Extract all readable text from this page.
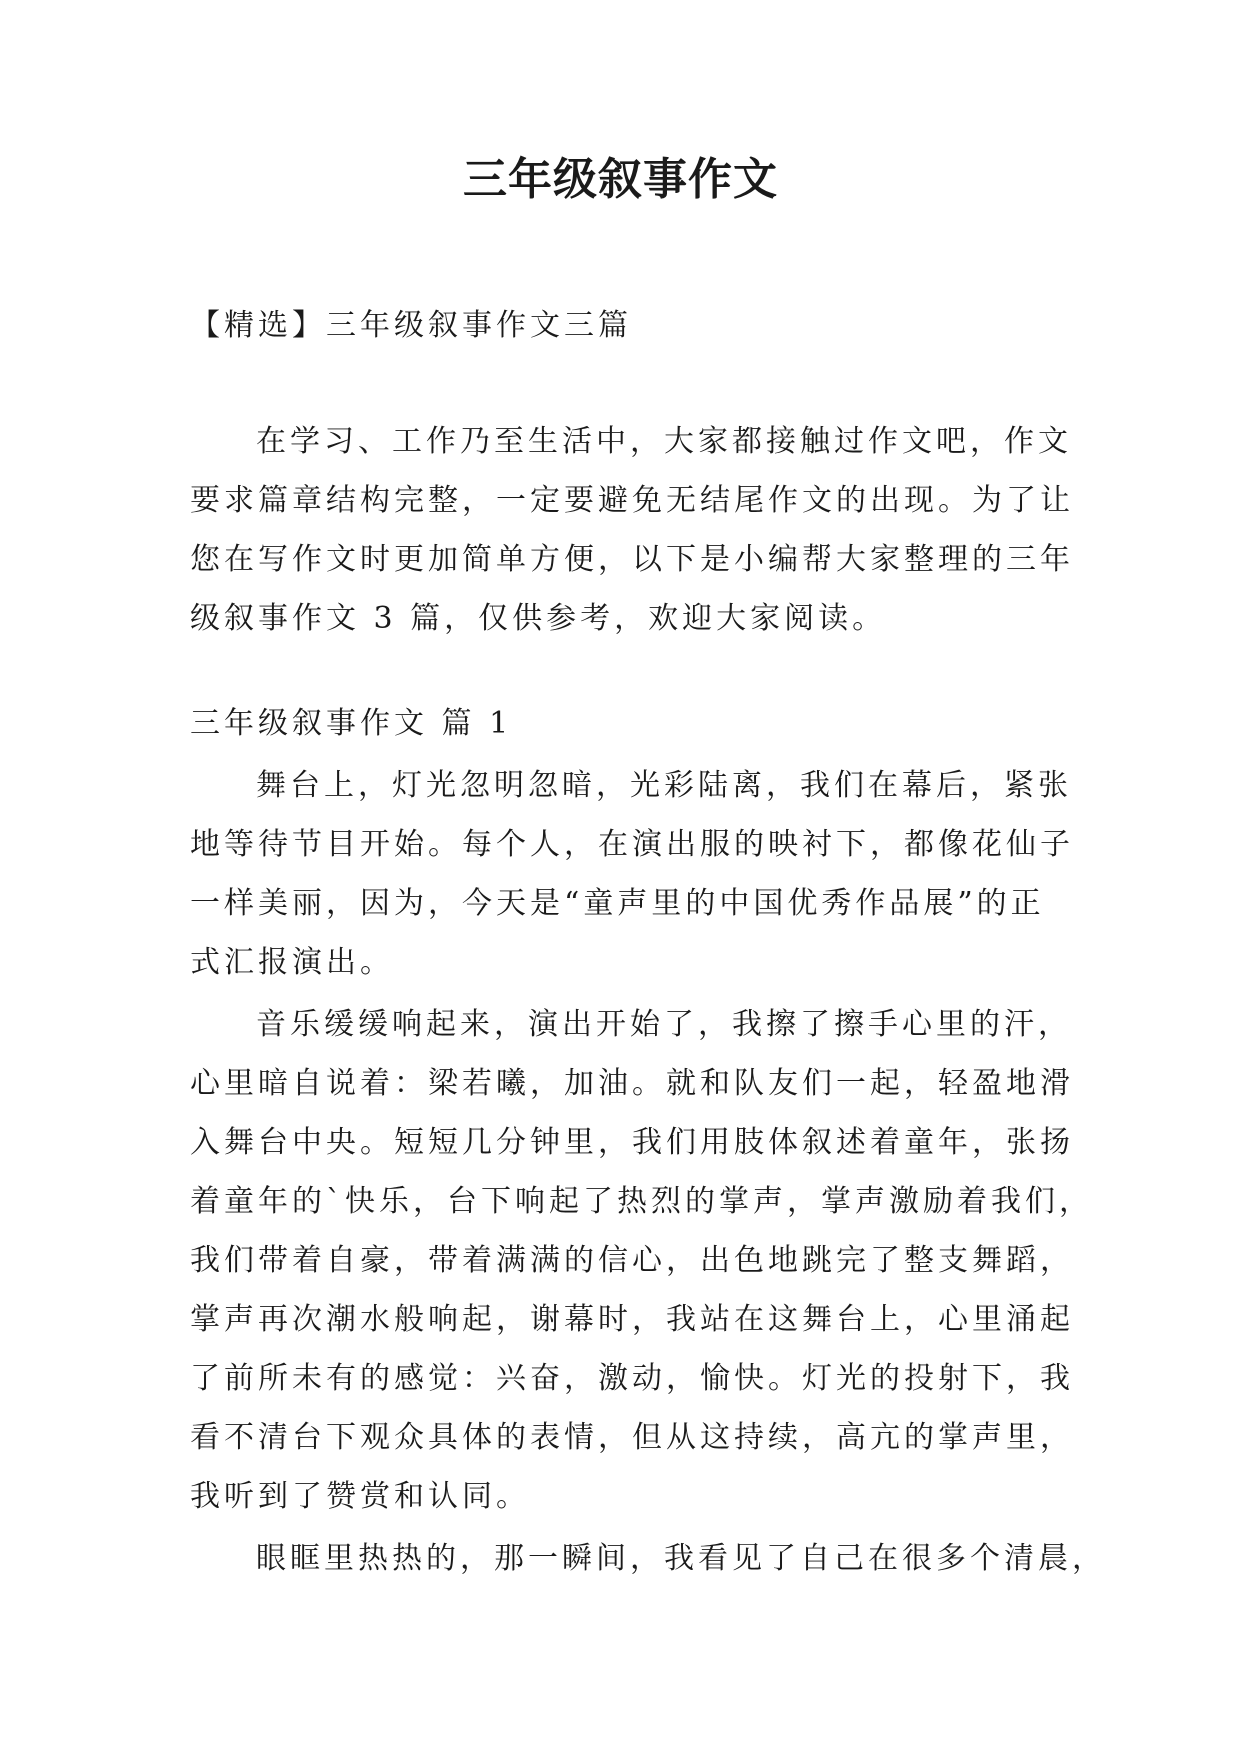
三年级叙事作文

【精选】三年级叙事作文三篇

在学习、工作乃至生活中，大家都接触过作文吧，作文

要求篇章结构完整，一定要避免无结尾作文的出现。为了让

您在写作文时更加简单方便，以下是小编帮大家整理的三年

级叙事作文 3 篇，仅供参考，欢迎大家阅读。

三年级叙事作文 篇 1

舞台上，灯光忽明忽暗，光彩陆离，我们在幕后，紧张

地等待节目开始。每个人，在演出服的映衬下，都像花仙子

一样美丽，因为，今天是“童声里的中国优秀作品展”的正

式汇报演出。

音乐缓缓响起来，演出开始了，我擦了擦手心里的汗，

心里暗自说着：梁若曦，加油。就和队友们一起，轻盈地滑

入舞台中央。短短几分钟里，我们用肢体叙述着童年，张扬

着童年的`快乐，台下响起了热烈的掌声，掌声激励着我们，

我们带着自豪，带着满满的信心，出色地跳完了整支舞蹈，

掌声再次潮水般响起，谢幕时，我站在这舞台上，心里涌起

了前所未有的感觉：兴奋，激动，愉快。灯光的投射下，我

看不清台下观众具体的表情，但从这持续，高亢的掌声里，

我听到了赞赏和认同。

眼眶里热热的，那一瞬间，我看见了自己在很多个清晨，
